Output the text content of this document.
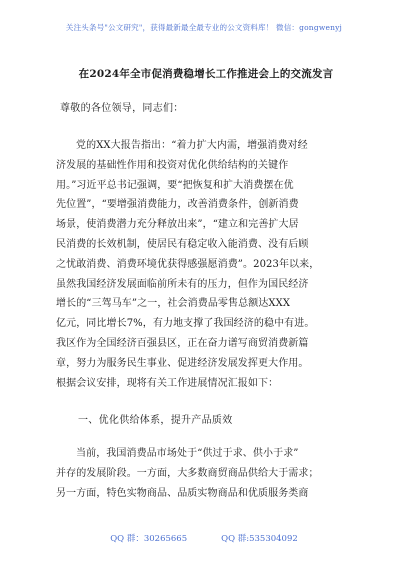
关注头条号"公文研究"，获得最新最全最专业的公文资料库！ 微信：gongwenyj
在2024年全市促消费稳增长工作推进会上的交流发言
尊敬的各位领导，同志们：
党的XX大报告指出：“着力扩大内需，增强消费对经
济发展的基础性作用和投资对优化供给结构的关键作
用。”习近平总书记强调，要“把恢复和扩大消费摆在优
先位置”，“要增强消费能力，改善消费条件，创新消费
场景，使消费潜力充分释放出来”，“建立和完善扩大居
民消费的长效机制，使居民有稳定收入能消费、没有后顾
之忧敢消费、消费环境优获得感强愿消费”。2023年以来，
虽然我国经济发展面临前所未有的压力，但作为国民经济
增长的“三驾马车”之一，社会消费品零售总额达XXX
亿元，同比增长7%，有力地支撑了我国经济的稳中有进。
我区作为全国经济百强县区，正在奋力谱写商贸消费新篇
章，努力为服务民生事业、促进经济发展发挥更大作用。
根据会议安排，现将有关工作进展情况汇报如下：
一、优化供给体系，提升产品质效
当前，我国消费品市场处于“供过于求、供小于求”
并存的发展阶段。一方面，大多数商贸商品供给大于需求；
另一方面，特色实物商品、品质实物商品和优质服务类商
QQ 群：30265665	QQ 群:535304092
